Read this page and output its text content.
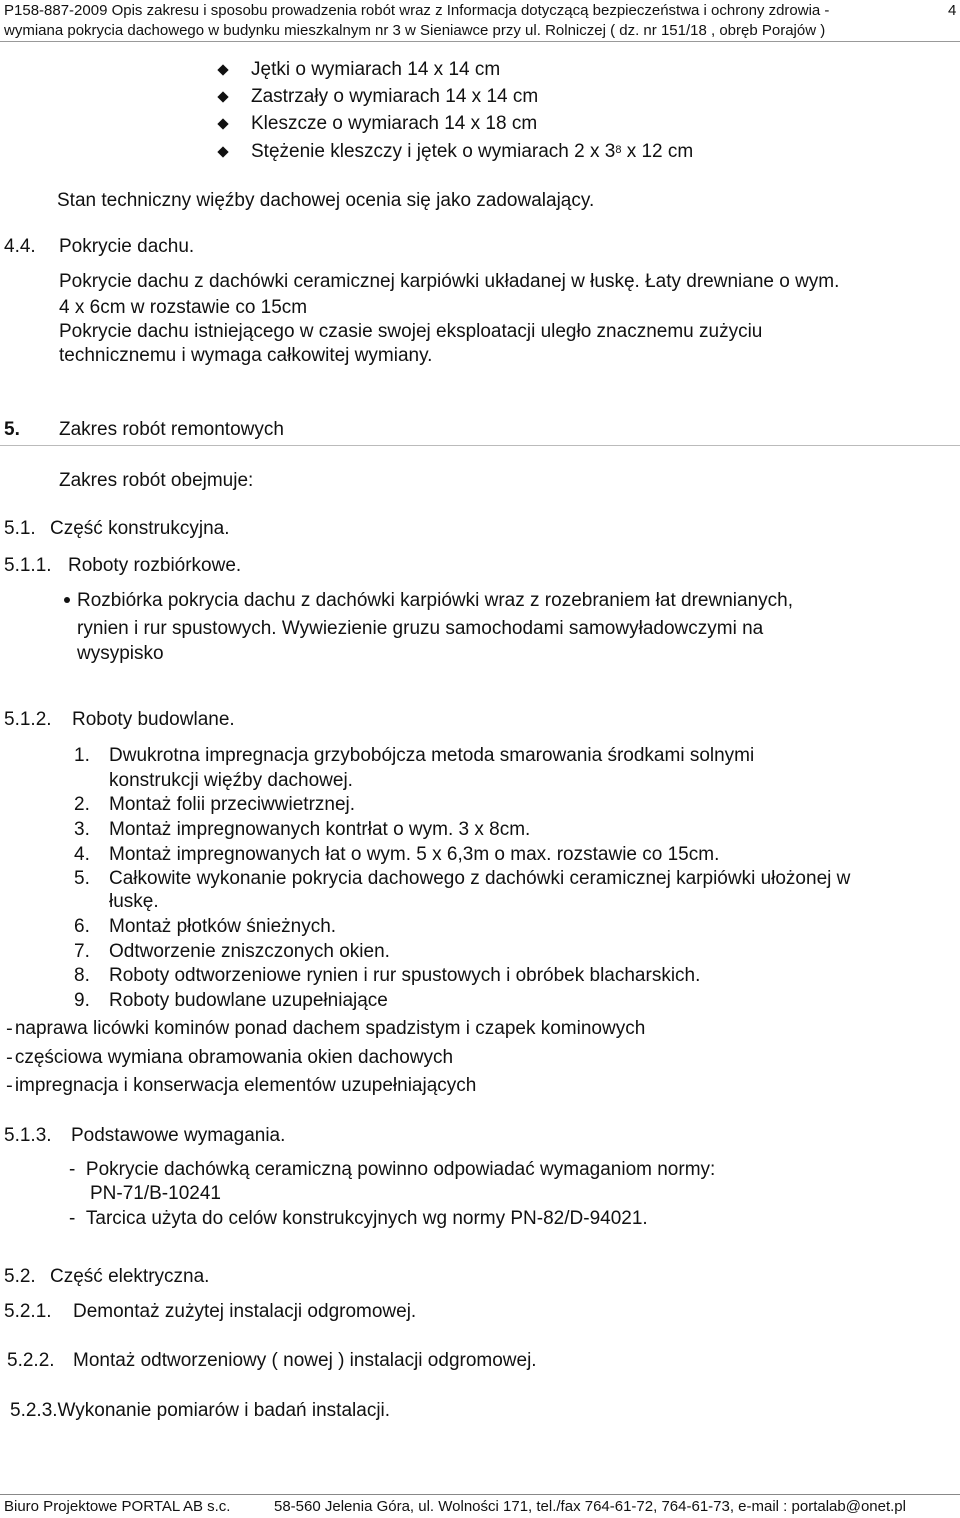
P158-887-2009 Opis zakresu i sposobu prowadzenia robót wraz z Informacja dotyczącą bezpieczeństwa i ochrony zdrowia -	4
wymiana pokrycia dachowego w budynku mieszkalnym nr 3 w Sieniawce przy ul. Rolniczej ( dz. nr 151/18 , obręb Porajów )
Jętki o wymiarach 14 x 14 cm
Zastrzały o wymiarach 14 x 14 cm
Kleszcze o wymiarach 14 x 18 cm
Stężenie kleszczy i jętek o wymiarach 2 x $3^8$ x 12 cm
Stan techniczny więźby dachowej ocenia się jako zadowalający.
4.4. Pokrycie dachu.
Pokrycie dachu z dachówki ceramicznej karpiówki układanej w łuskę. Łaty drewniane o wym.
4 x 6cm w rozstawie co 15cm
Pokrycie dachu istniejącego w czasie swojej eksploatacji uległo znacznemu zużyciu
technicznemu i wymaga całkowitej wymiany.
5. Zakres robót remontowych
Zakres robót obejmuje:
5.1. Część konstrukcyjna.
5.1.1. Roboty rozbiórkowe.
Rozbiórka pokrycia dachu z dachówki karpiówki wraz z rozebraniem łat drewnianych,
rynien i rur spustowych. Wywiezienie gruzu samochodami samowyładowczymi na
wysypisko
5.1.2. Roboty budowlane.
1. Dwukrotna impregnacja grzybobójcza metoda smarowania środkami solnymi
konstrukcji więźby dachowej.
2. Montaż folii przeciwwietrznej.
3. Montaż impregnowanych kontrłat o wym. 3 x 8cm.
4. Montaż impregnowanych łat o wym. 5 x 6,3m o max. rozstawie co 15cm.
5. Całkowite wykonanie pokrycia dachowego z dachówki ceramicznej karpiówki ułożonej w
łuskę.
6. Montaż płotków śnieżnych.
7. Odtworzenie zniszczonych okien.
8. Roboty odtworzeniowe rynien i rur spustowych i obróbek blacharskich.
9. Roboty budowlane uzupełniające
-naprawa licówki kominów ponad dachem spadzistym i czapek kominowych
-częściowa wymiana obramowania okien dachowych
-impregnacja i konserwacja elementów uzupełniających
5.1.3. Podstawowe wymagania.
-  Pokrycie dachówką ceramiczną powinno odpowiadać wymaganiom normy:
PN-71/B-10241
-  Tarcica użyta do celów konstrukcyjnych wg normy PN-82/D-94021.
5.2. Część elektryczna.
5.2.1. Demontaż zużytej instalacji odgromowej.
5.2.2. Montaż odtworzeniowy ( nowej ) instalacji odgromowej.
5.2.3.Wykonanie pomiarów i badań instalacji.
Biuro Projektowe PORTAL AB s.c.	58-560 Jelenia Góra, ul. Wolności 171, tel./fax 764-61-72, 764-61-73, e-mail : portalab@onet.pl
